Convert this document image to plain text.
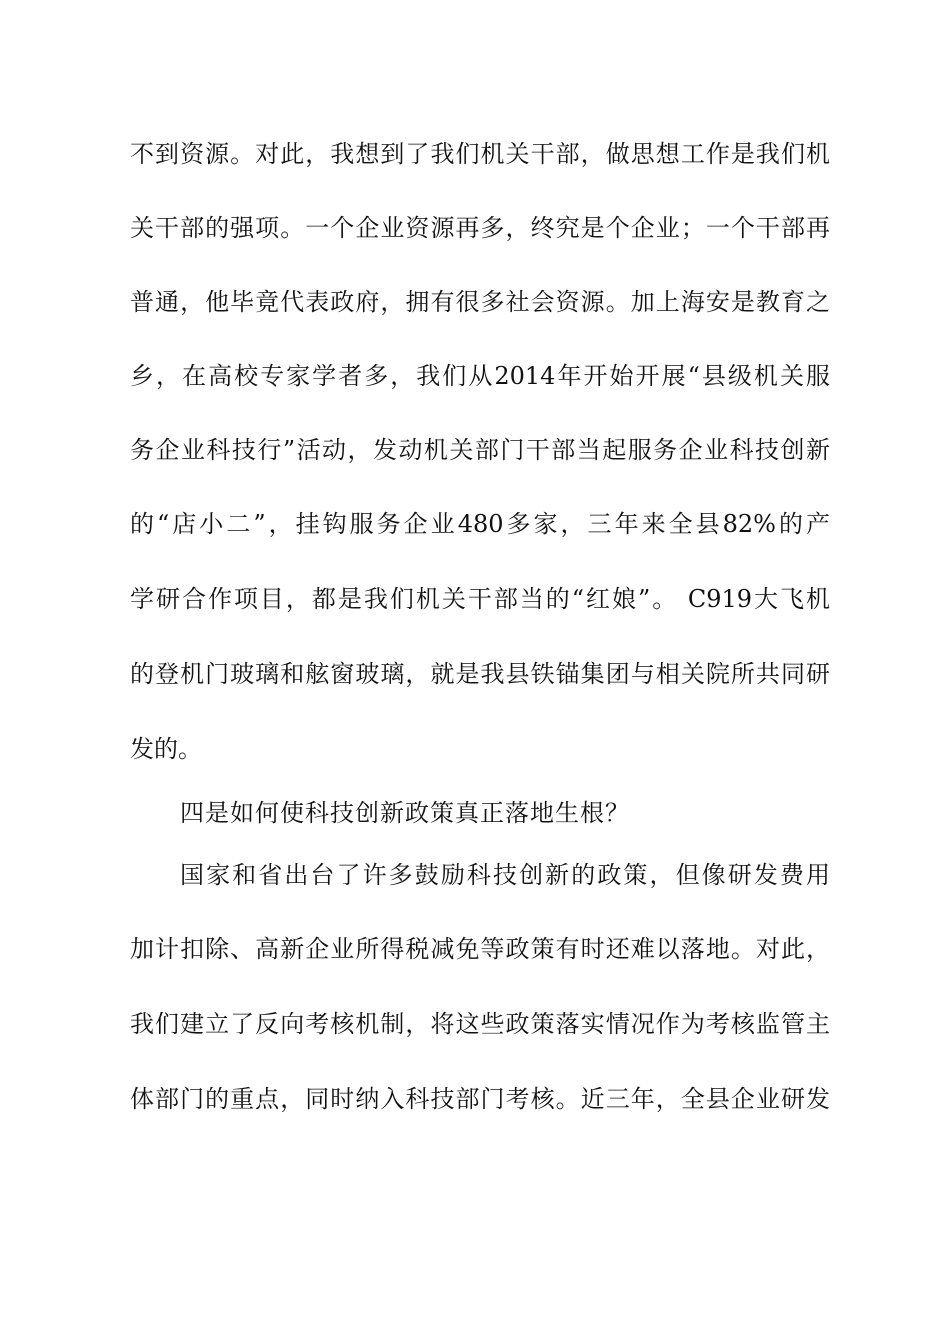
不到资源。对此，我想到了我们机关干部，做思想工作是我们机
关干部的强项。一个企业资源再多，终究是个企业；一个干部再
普通，他毕竟代表政府，拥有很多社会资源。加上海安是教育之
乡，在高校专家学者多，我们从2014年开始开展“县级机关服
务企业科技行”活动，发动机关部门干部当起服务企业科技创新
的“店小二”，挂钩服务企业480多家，三年来全县82%的产
学研合作项目，都是我们机关干部当的“红娘”。 C919大飞机
的登机门玻璃和舷窗玻璃，就是我县铁锚集团与相关院所共同研
发的。
四是如何使科技创新政策真正落地生根？
国家和省出台了许多鼓励科技创新的政策，但像研发费用
加计扣除、高新企业所得税减免等政策有时还难以落地。对此，
我们建立了反向考核机制，将这些政策落实情况作为考核监管主
体部门的重点，同时纳入科技部门考核。近三年，全县企业研发
